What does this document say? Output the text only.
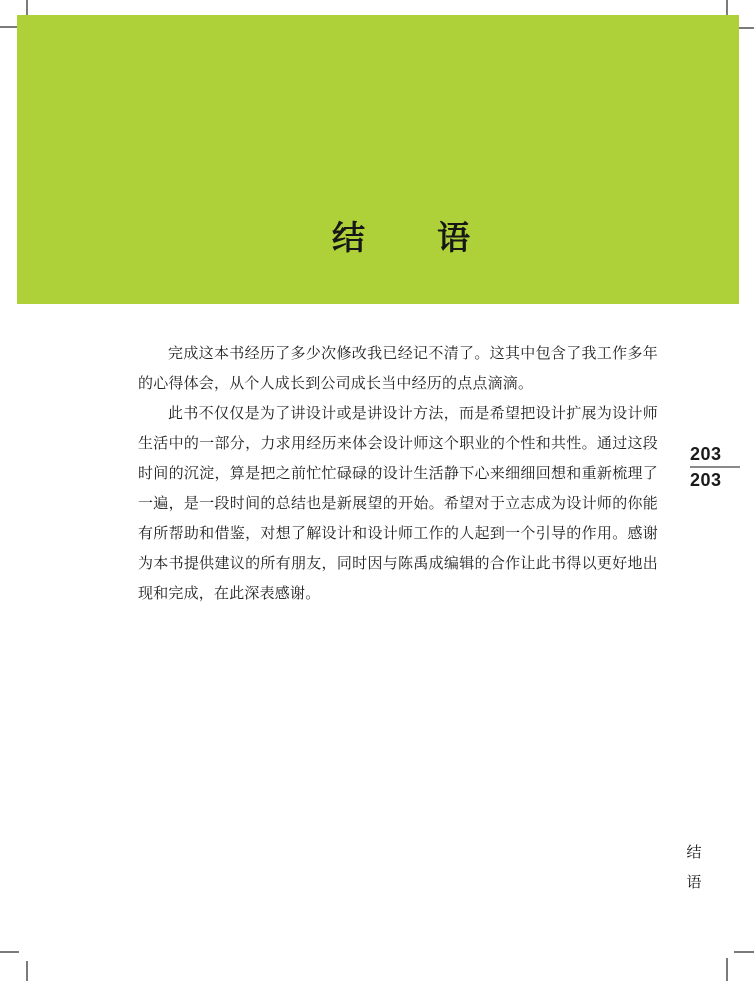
结 语

完成这本书经历了多少次修改我已经记不清了。这其中包含了我工作多年的心得体会，从个人成长到公司成长当中经历的点点滴滴。

此书不仅仅是为了讲设计或是讲设计方法，而是希望把设计扩展为设计师生活中的一部分，力求用经历来体会设计师这个职业的个性和共性。通过这段时间的沉淀，算是把之前忙忙碌碌的设计生活静下心来细细回想和重新梳理了一遍，是一段时间的总结也是新展望的开始。希望对于立志成为设计师的你能有所帮助和借鉴，对想了解设计和设计师工作的人起到一个引导的作用。感谢为本书提供建议的所有朋友，同时因与陈禹成编辑的合作让此书得以更好地出现和完成，在此深表感谢。

203
203
结
语
